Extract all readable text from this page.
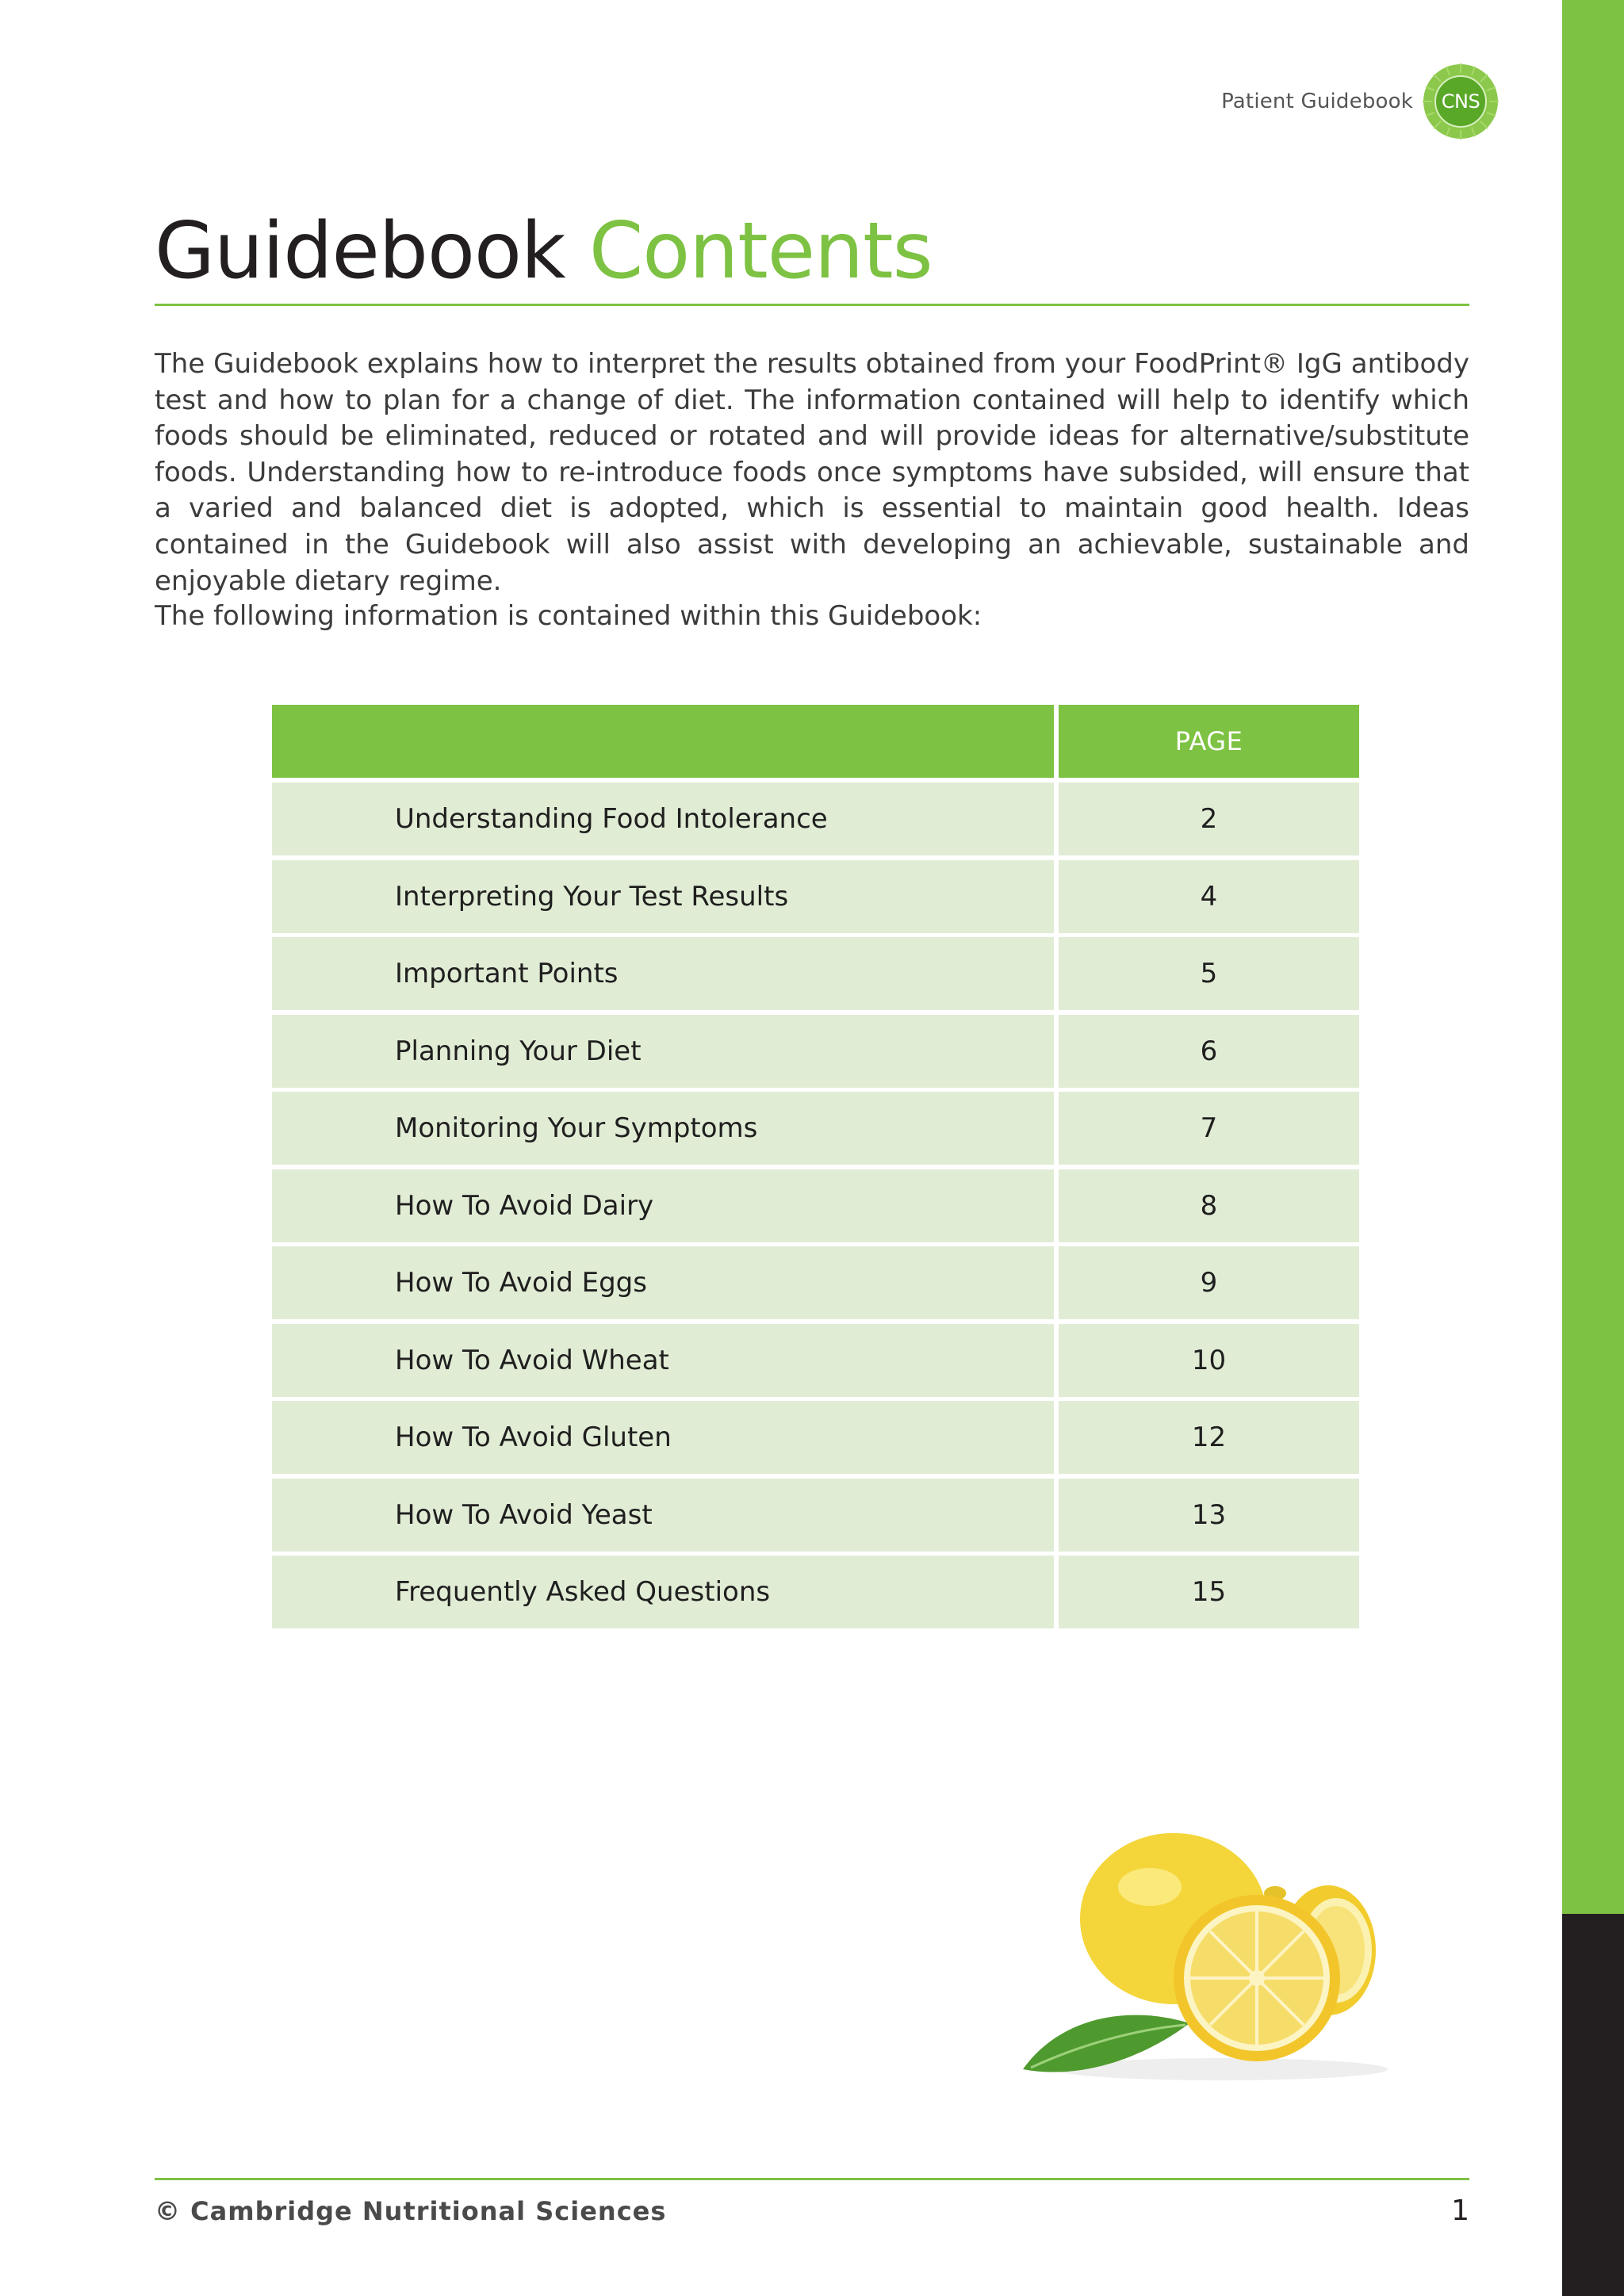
Patient Guidebook	CNS
Guidebook Contents

The Guidebook explains how to interpret the results obtained from your FoodPrint® IgG antibody test and how to plan for a change of diet. The information contained will help to identify which foods should be eliminated, reduced or rotated and will provide ideas for alternative/substitute foods. Understanding how to re-introduce foods once symptoms have subsided, will ensure that a varied and balanced diet is adopted, which is essential to maintain good health. Ideas contained in the Guidebook will also assist with developing an achievable, sustainable and enjoyable dietary regime.

The following information is contained within this Guidebook:

PAGE
Understanding Food Intolerance	2
Interpreting Your Test Results	4
Important Points	5
Planning Your Diet	6
Monitoring Your Symptoms	7
How To Avoid Dairy	8
How To Avoid Eggs	9
How To Avoid Wheat	10
How To Avoid Gluten	12
How To Avoid Yeast	13
Frequently Asked Questions	15
© Cambridge Nutritional Sciences	1
